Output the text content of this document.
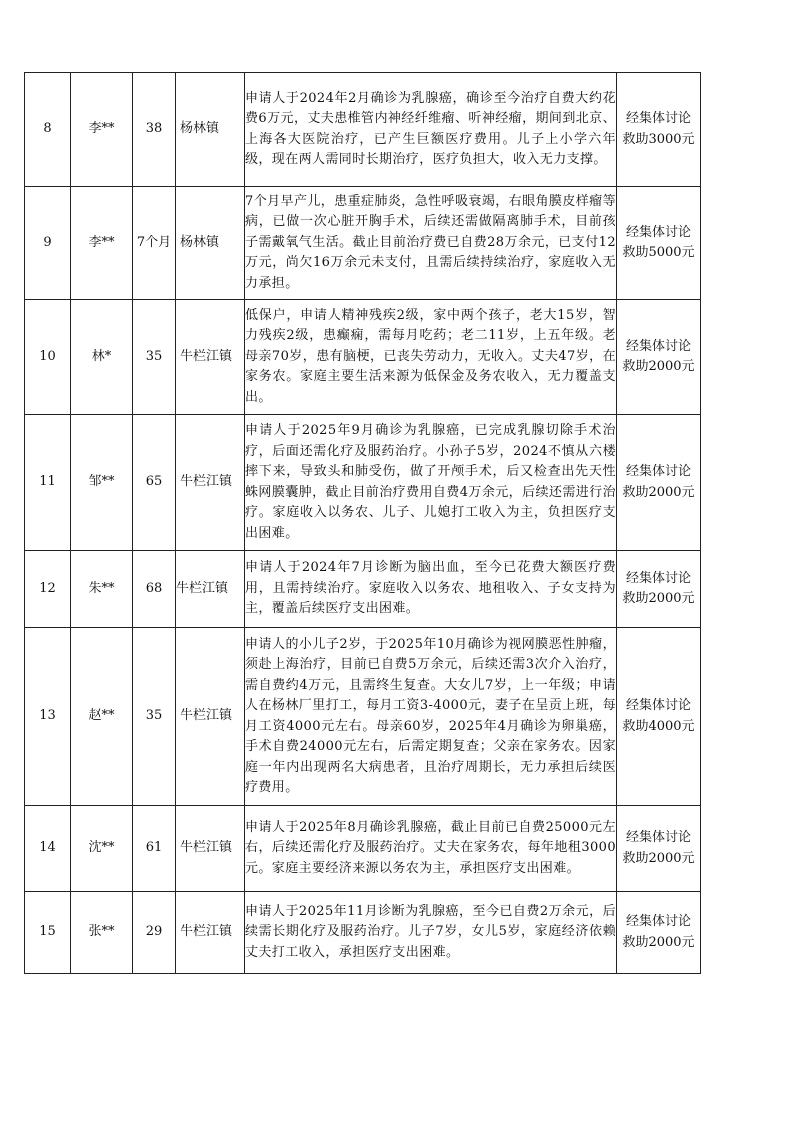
8	李**	38	杨林镇	申请人于2024年2月确诊为乳腺癌，确诊至今治疗自费大约花费6万元，丈夫患椎管内神经纤维瘤、听神经瘤，期间到北京、上海各大医院治疗，已产生巨额医疗费用。儿子上小学六年级，现在两人需同时长期治疗，医疗负担大，收入无力支撑。	经集体讨论
救助3000元

9	李**	7个月	杨林镇	7个月早产儿，患重症肺炎，急性呼吸衰竭，右眼角膜皮样瘤等病，已做一次心脏开胸手术，后续还需做隔离肺手术，目前孩子需戴氧气生活。截止目前治疗费已自费28万余元，已支付12万元，尚欠16万余元未支付，且需后续持续治疗，家庭收入无力承担。	经集体讨论
救助5000元

10	林*	35	牛栏江镇	低保户，申请人精神残疾2级，家中两个孩子，老大15岁，智力残疾2级，患癫痫，需每月吃药；老二11岁，上五年级。老母亲70岁，患有脑梗，已丧失劳动力，无收入。丈夫47岁，在家务农。家庭主要生活来源为低保金及务农收入，无力覆盖支出。	经集体讨论
救助2000元

11	邹**	65	牛栏江镇	申请人于2025年9月确诊为乳腺癌，已完成乳腺切除手术治疗，后面还需化疗及服药治疗。小孙子5岁，2024不慎从六楼摔下来，导致头和肺受伤，做了开颅手术，后又检查出先天性蛛网膜囊肿，截止目前治疗费用自费4万余元，后续还需进行治疗。家庭收入以务农、儿子、儿媳打工收入为主，负担医疗支出困难。	经集体讨论
救助2000元

12	朱**	68	牛栏江镇	申请人于2024年7月诊断为脑出血，至今已花费大额医疗费用，且需持续治疗。家庭收入以务农、地租收入、子女支持为主，覆盖后续医疗支出困难。	经集体讨论
救助2000元

13	赵**	35	牛栏江镇	申请人的小儿子2岁，于2025年10月确诊为视网膜恶性肿瘤，须赴上海治疗，目前已自费5万余元，后续还需3次介入治疗，需自费约4万元，且需终生复查。大女儿7岁，上一年级；申请人在杨林厂里打工，每月工资3-4000元，妻子在呈贡上班，每月工资4000元左右。母亲60岁，2025年4月确诊为卵巢癌，手术自费24000元左右，后需定期复查；父亲在家务农。因家庭一年内出现两名大病患者，且治疗周期长，无力承担后续医疗费用。	经集体讨论
救助4000元

14	沈**	61	牛栏江镇	申请人于2025年8月确诊乳腺癌，截止目前已自费25000元左右，后续还需化疗及服药治疗。丈夫在家务农，每年地租3000元。家庭主要经济来源以务农为主，承担医疗支出困难。	经集体讨论
救助2000元

15	张**	29	牛栏江镇	申请人于2025年11月诊断为乳腺癌，至今已自费2万余元，后续需长期化疗及服药治疗。儿子7岁，女儿5岁，家庭经济依赖丈夫打工收入，承担医疗支出困难。	经集体讨论
救助2000元
